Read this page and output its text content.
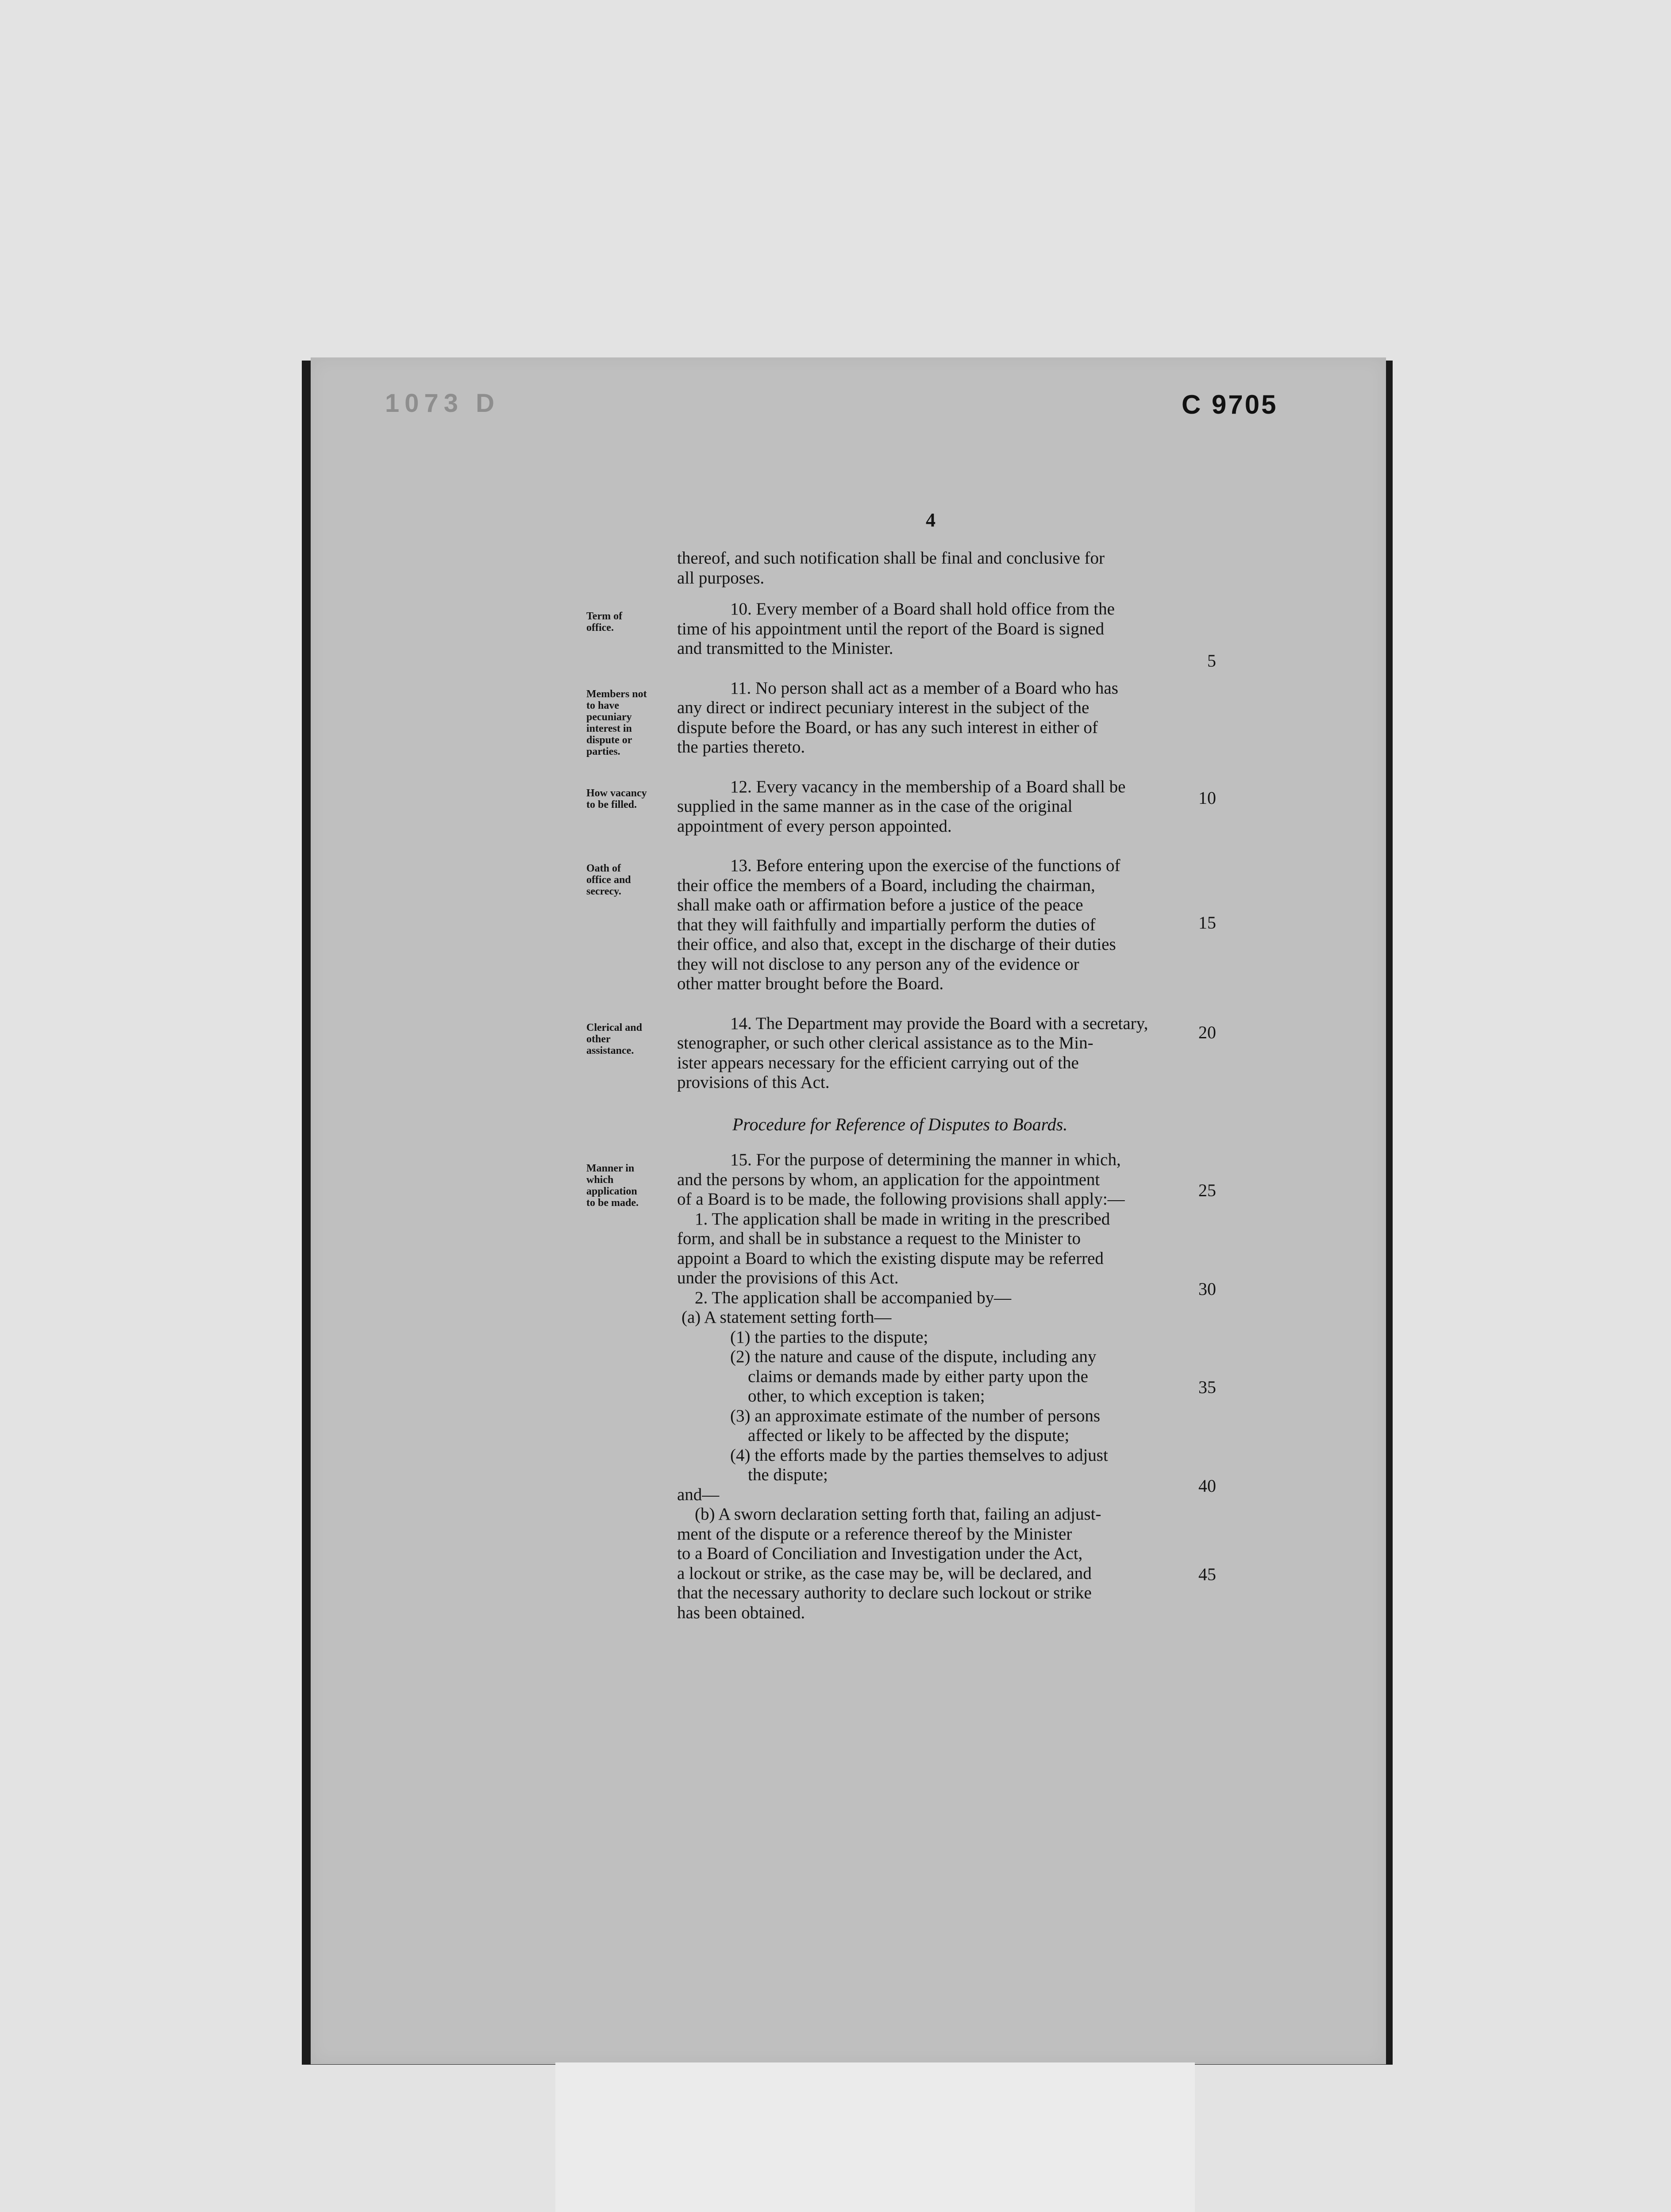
1073 D	C 9705
4
thereof, and such notification shall be final and conclusive for
all purposes.
10. Every member of a Board shall hold office from the
time of his appointment until the report of the Board is signed
and transmitted to the Minister.
11. No person shall act as a member of a Board who has
any direct or indirect pecuniary interest in the subject of the
dispute before the Board, or has any such interest in either of
the parties thereto.
12. Every vacancy in the membership of a Board shall be
supplied in the same manner as in the case of the original
appointment of every person appointed.
13. Before entering upon the exercise of the functions of
their office the members of a Board, including the chairman,
shall make oath or affirmation before a justice of the peace
that they will faithfully and impartially perform the duties of
their office, and also that, except in the discharge of their duties
they will not disclose to any person any of the evidence or
other matter brought before the Board.
14. The Department may provide the Board with a secretary,
stenographer, or such other clerical assistance as to the Min-
ister appears necessary for the efficient carrying out of the
provisions of this Act.
Procedure for Reference of Disputes to Boards.
15. For the purpose of determining the manner in which,
and the persons by whom, an application for the appointment
of a Board is to be made, the following provisions shall apply:—
1. The application shall be made in writing in the prescribed
form, and shall be in substance a request to the Minister to
appoint a Board to which the existing dispute may be referred
under the provisions of this Act.
2. The application shall be accompanied by—
(a) A statement setting forth—
(1) the parties to the dispute;
(2) the nature and cause of the dispute, including any
claims or demands made by either party upon the
other, to which exception is taken;
(3) an approximate estimate of the number of persons
affected or likely to be affected by the dispute;
(4) the efforts made by the parties themselves to adjust
the dispute;
and—
(b) A sworn declaration setting forth that, failing an adjust-
ment of the dispute or a reference thereof by the Minister
to a Board of Conciliation and Investigation under the Act,
a lockout or strike, as the case may be, will be declared, and
that the necessary authority to declare such lockout or strike
has been obtained.
Term of
office.
Members not
to have
pecuniary
interest in
dispute or
parties.
How vacancy
to be filled.
Oath of
office and
secrecy.
Clerical and
other
assistance.
Manner in
which
application
to be made.
5
10
15
20
25
30
35
40
45
